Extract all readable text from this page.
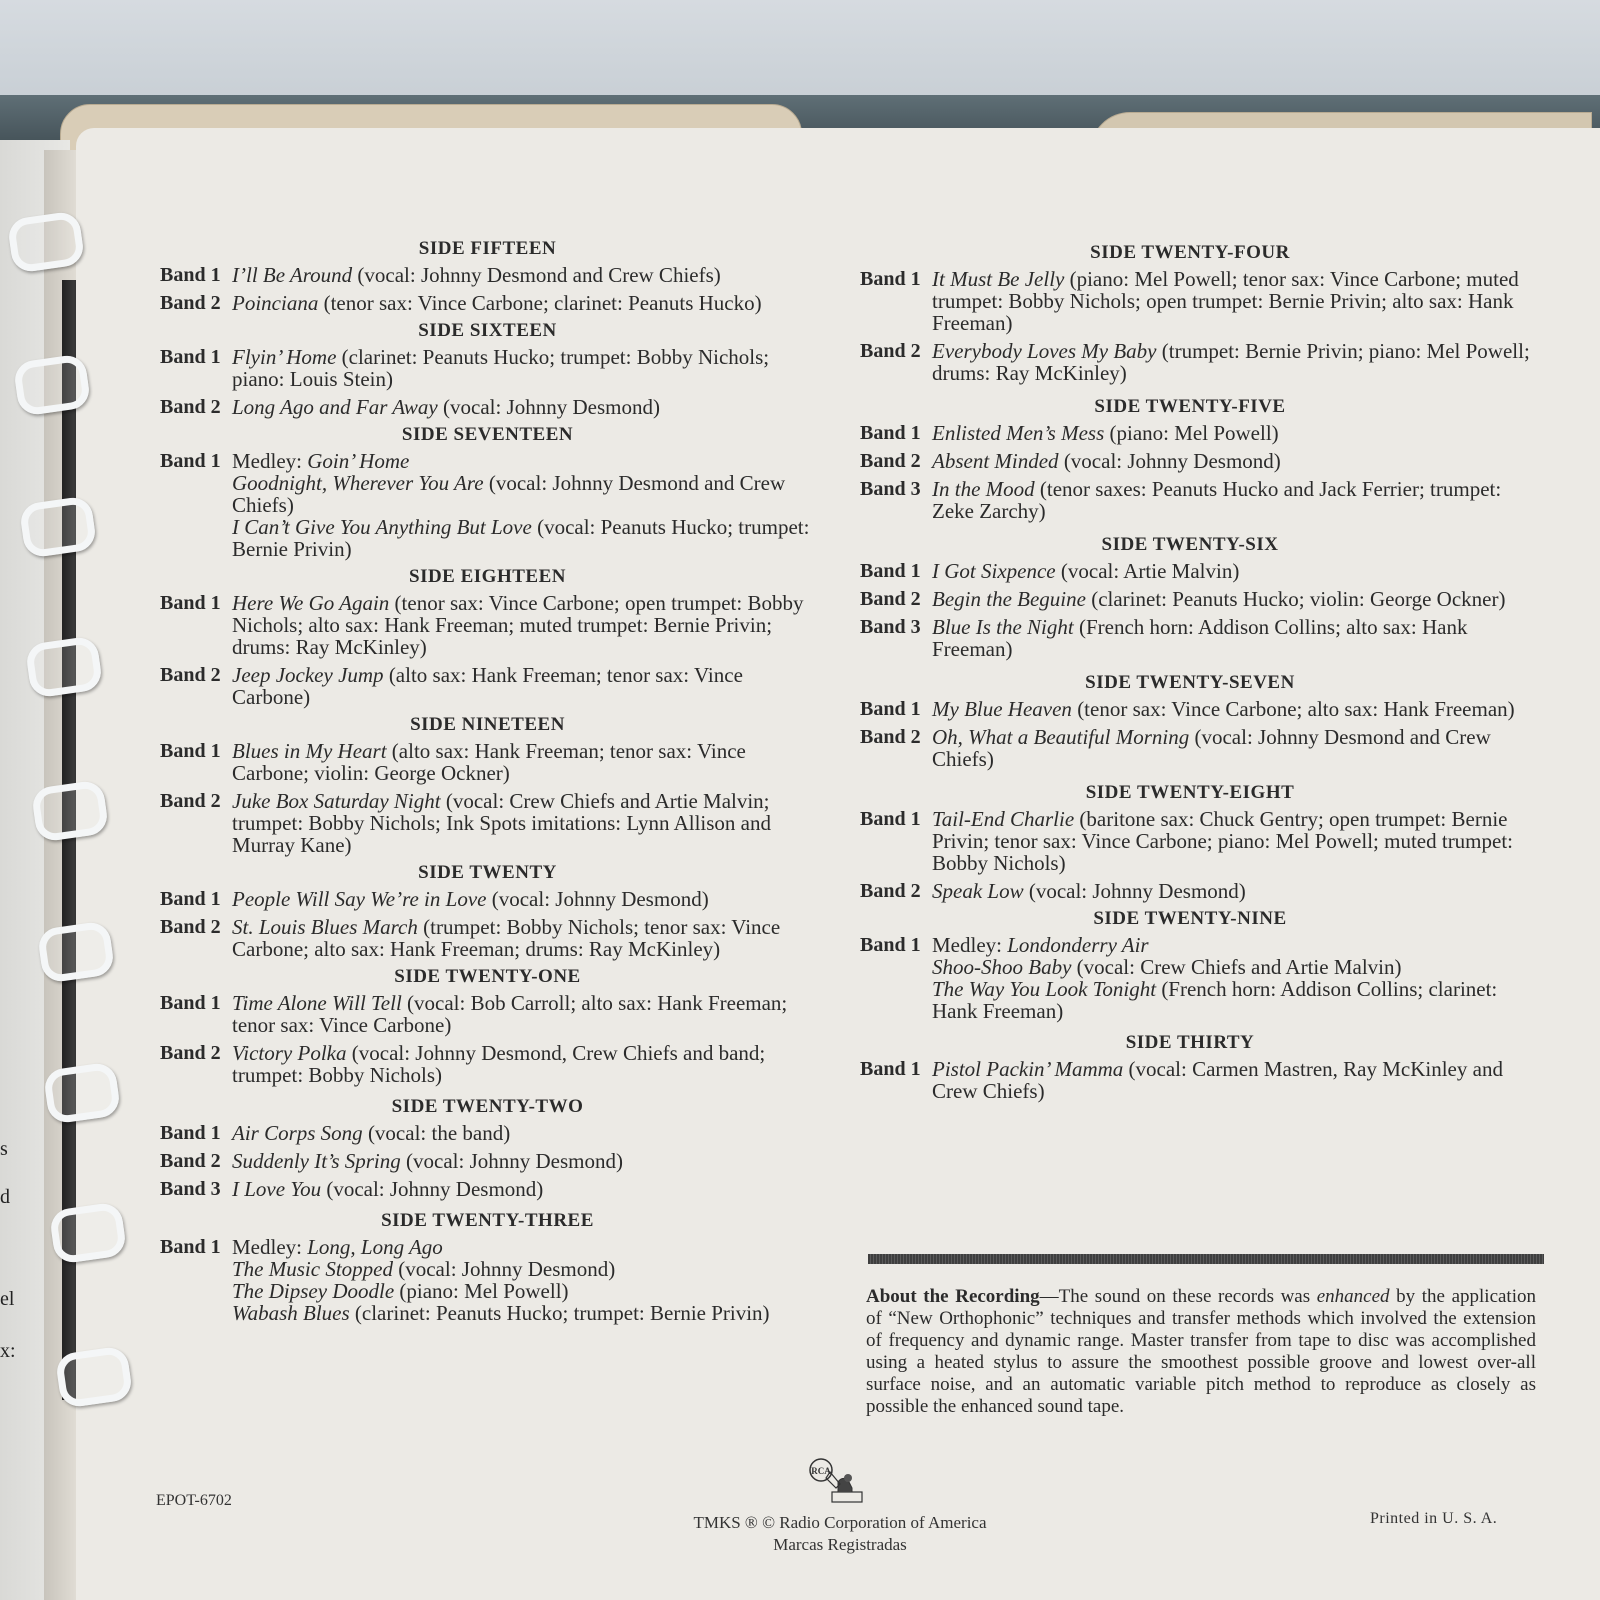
s
d
el
x:
SIDE FIFTEEN
Band 1 I’ll Be Around (vocal: Johnny Desmond and Crew Chiefs)
Band 2 Poinciana (tenor sax: Vince Carbone; clarinet: Peanuts Hucko)
SIDE SIXTEEN
Band 1 Flyin’ Home (clarinet: Peanuts Hucko; trumpet: Bobby Nichols; piano: Louis Stein)
Band 2 Long Ago and Far Away (vocal: Johnny Desmond)
SIDE SEVENTEEN
Band 1 Medley: Goin’ Home
Goodnight, Wherever You Are (vocal: Johnny Desmond and Crew Chiefs)
I Can’t Give You Anything But Love (vocal: Peanuts Hucko; trumpet: Bernie Privin)
SIDE EIGHTEEN
Band 1 Here We Go Again (tenor sax: Vince Carbone; open trumpet: Bobby Nichols; alto sax: Hank Freeman; muted trumpet: Bernie Privin; drums: Ray McKinley)
Band 2 Jeep Jockey Jump (alto sax: Hank Freeman; tenor sax: Vince Carbone)
SIDE NINETEEN
Band 1 Blues in My Heart (alto sax: Hank Freeman; tenor sax: Vince Carbone; violin: George Ockner)
Band 2 Juke Box Saturday Night (vocal: Crew Chiefs and Artie Malvin; trumpet: Bobby Nichols; Ink Spots imitations: Lynn Allison and Murray Kane)
SIDE TWENTY
Band 1 People Will Say We’re in Love (vocal: Johnny Desmond)
Band 2 St. Louis Blues March (trumpet: Bobby Nichols; tenor sax: Vince Carbone; alto sax: Hank Freeman; drums: Ray McKinley)
SIDE TWENTY-ONE
Band 1 Time Alone Will Tell (vocal: Bob Carroll; alto sax: Hank Freeman; tenor sax: Vince Carbone)
Band 2 Victory Polka (vocal: Johnny Desmond, Crew Chiefs and band; trumpet: Bobby Nichols)
SIDE TWENTY-TWO
Band 1 Air Corps Song (vocal: the band)
Band 2 Suddenly It’s Spring (vocal: Johnny Desmond)
Band 3 I Love You (vocal: Johnny Desmond)
SIDE TWENTY-THREE
Band 1 Medley: Long, Long Ago
The Music Stopped (vocal: Johnny Desmond)
The Dipsey Doodle (piano: Mel Powell)
Wabash Blues (clarinet: Peanuts Hucko; trumpet: Bernie Privin)
SIDE TWENTY-FOUR
Band 1 It Must Be Jelly (piano: Mel Powell; tenor sax: Vince Carbone; muted trumpet: Bobby Nichols; open trumpet: Bernie Privin; alto sax: Hank Freeman)
Band 2 Everybody Loves My Baby (trumpet: Bernie Privin; piano: Mel Powell; drums: Ray McKinley)
SIDE TWENTY-FIVE
Band 1 Enlisted Men’s Mess (piano: Mel Powell)
Band 2 Absent Minded (vocal: Johnny Desmond)
Band 3 In the Mood (tenor saxes: Peanuts Hucko and Jack Ferrier; trumpet: Zeke Zarchy)
SIDE TWENTY-SIX
Band 1 I Got Sixpence (vocal: Artie Malvin)
Band 2 Begin the Beguine (clarinet: Peanuts Hucko; violin: George Ockner)
Band 3 Blue Is the Night (French horn: Addison Collins; alto sax: Hank Freeman)
SIDE TWENTY-SEVEN
Band 1 My Blue Heaven (tenor sax: Vince Carbone; alto sax: Hank Freeman)
Band 2 Oh, What a Beautiful Morning (vocal: Johnny Desmond and Crew Chiefs)
SIDE TWENTY-EIGHT
Band 1 Tail-End Charlie (baritone sax: Chuck Gentry; open trumpet: Bernie Privin; tenor sax: Vince Carbone; piano: Mel Powell; muted trumpet: Bobby Nichols)
Band 2 Speak Low (vocal: Johnny Desmond)
SIDE TWENTY-NINE
Band 1 Medley: Londonderry Air
Shoo-Shoo Baby (vocal: Crew Chiefs and Artie Malvin)
The Way You Look Tonight (French horn: Addison Collins; clarinet: Hank Freeman)
SIDE THIRTY
Band 1 Pistol Packin’ Mamma (vocal: Carmen Mastren, Ray McKinley and Crew Chiefs)
About the Recording—The sound on these records was enhanced by the application of “New Orthophonic” techniques and transfer methods which involved the extension of frequency and dynamic range. Master transfer from tape to disc was accomplished using a heated stylus to assure the smoothest possible groove and lowest over-all surface noise, and an automatic variable pitch method to reproduce as closely as possible the enhanced sound tape.
EPOT-6702
RCA
TMKS ® © Radio Corporation of America
Marcas Registradas
Printed in U. S. A.
